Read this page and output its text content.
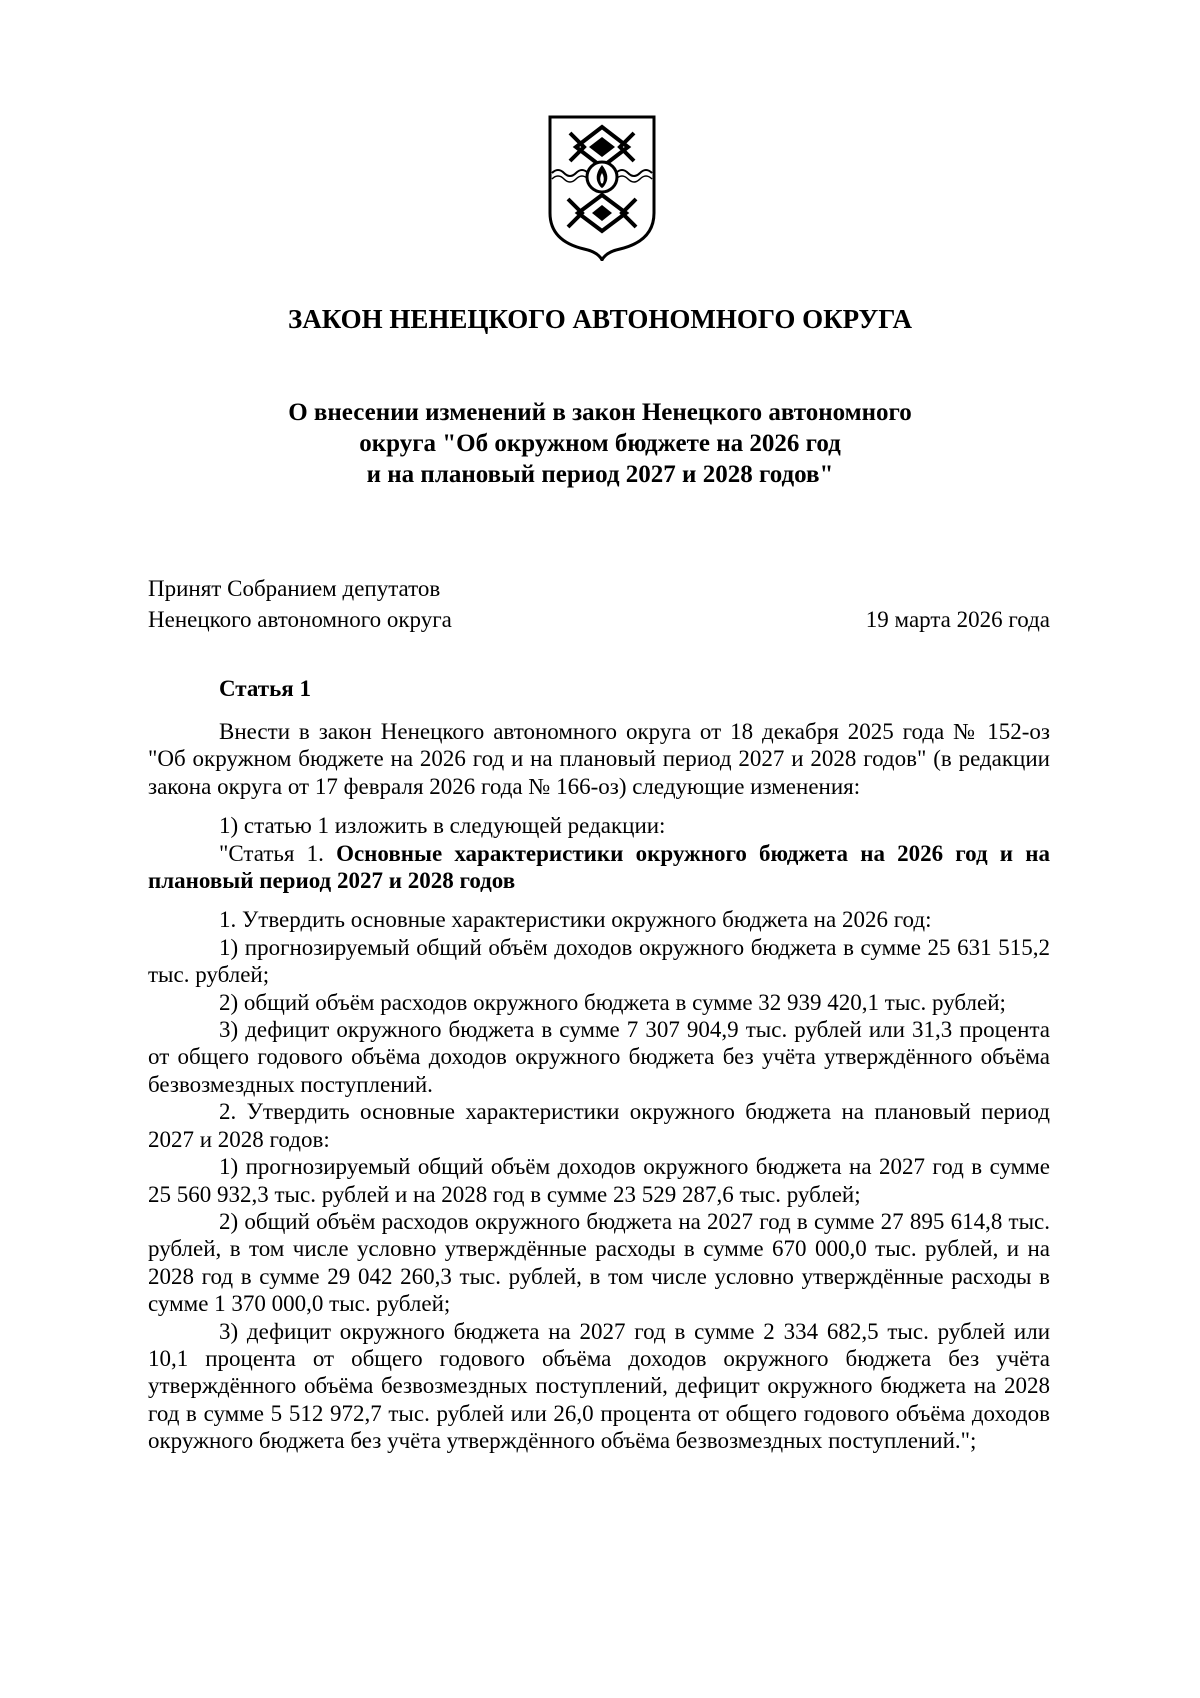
ЗАКОН НЕНЕЦКОГО АВТОНОМНОГО ОКРУГА
О внесении изменений в закон Ненецкого автономного
округа "Об окружном бюджете на 2026 год
и на плановый период 2027 и 2028 годов"
Принят Собранием депутатов
Ненецкого автономного округа	19 марта 2026 года
Статья 1

Внести в закон Ненецкого автономного округа от 18 декабря 2025 года № 152-оз "Об окружном бюджете на 2026 год и на плановый период 2027 и 2028 годов" (в редакции закона округа от 17 февраля 2026 года № 166-оз) следующие изменения:

1) статью 1 изложить в следующей редакции:

"Статья 1. Основные характеристики окружного бюджета на 2026 год и на плановый период 2027 и 2028 годов

1. Утвердить основные характеристики окружного бюджета на 2026 год:

1) прогнозируемый общий объём доходов окружного бюджета в сумме 25 631 515,2 тыс. рублей;

2) общий объём расходов окружного бюджета в сумме 32 939 420,1 тыс. рублей;

3) дефицит окружного бюджета в сумме 7 307 904,9 тыс. рублей или 31,3 процента от общего годового объёма доходов окружного бюджета без учёта утверждённого объёма безвозмездных поступлений.

2. Утвердить основные характеристики окружного бюджета на плановый период 2027 и 2028 годов:

1) прогнозируемый общий объём доходов окружного бюджета на 2027 год в сумме 25 560 932,3 тыс. рублей и на 2028 год в сумме 23 529 287,6 тыс. рублей;

2) общий объём расходов окружного бюджета на 2027 год в сумме 27 895 614,8 тыс. рублей, в том числе условно утверждённые расходы в сумме 670 000,0 тыс. рублей, и на 2028 год в сумме 29 042 260,3 тыс. рублей, в том числе условно утверждённые расходы в сумме 1 370 000,0 тыс. рублей;

3) дефицит окружного бюджета на 2027 год в сумме 2 334 682,5 тыс. рублей или 10,1 процента от общего годового объёма доходов окружного бюджета без учёта утверждённого объёма безвозмездных поступлений, дефицит окружного бюджета на 2028 год в сумме 5 512 972,7 тыс. рублей или 26,0 процента от общего годового объёма доходов окружного бюджета без учёта утверждённого объёма безвозмездных поступлений.";
